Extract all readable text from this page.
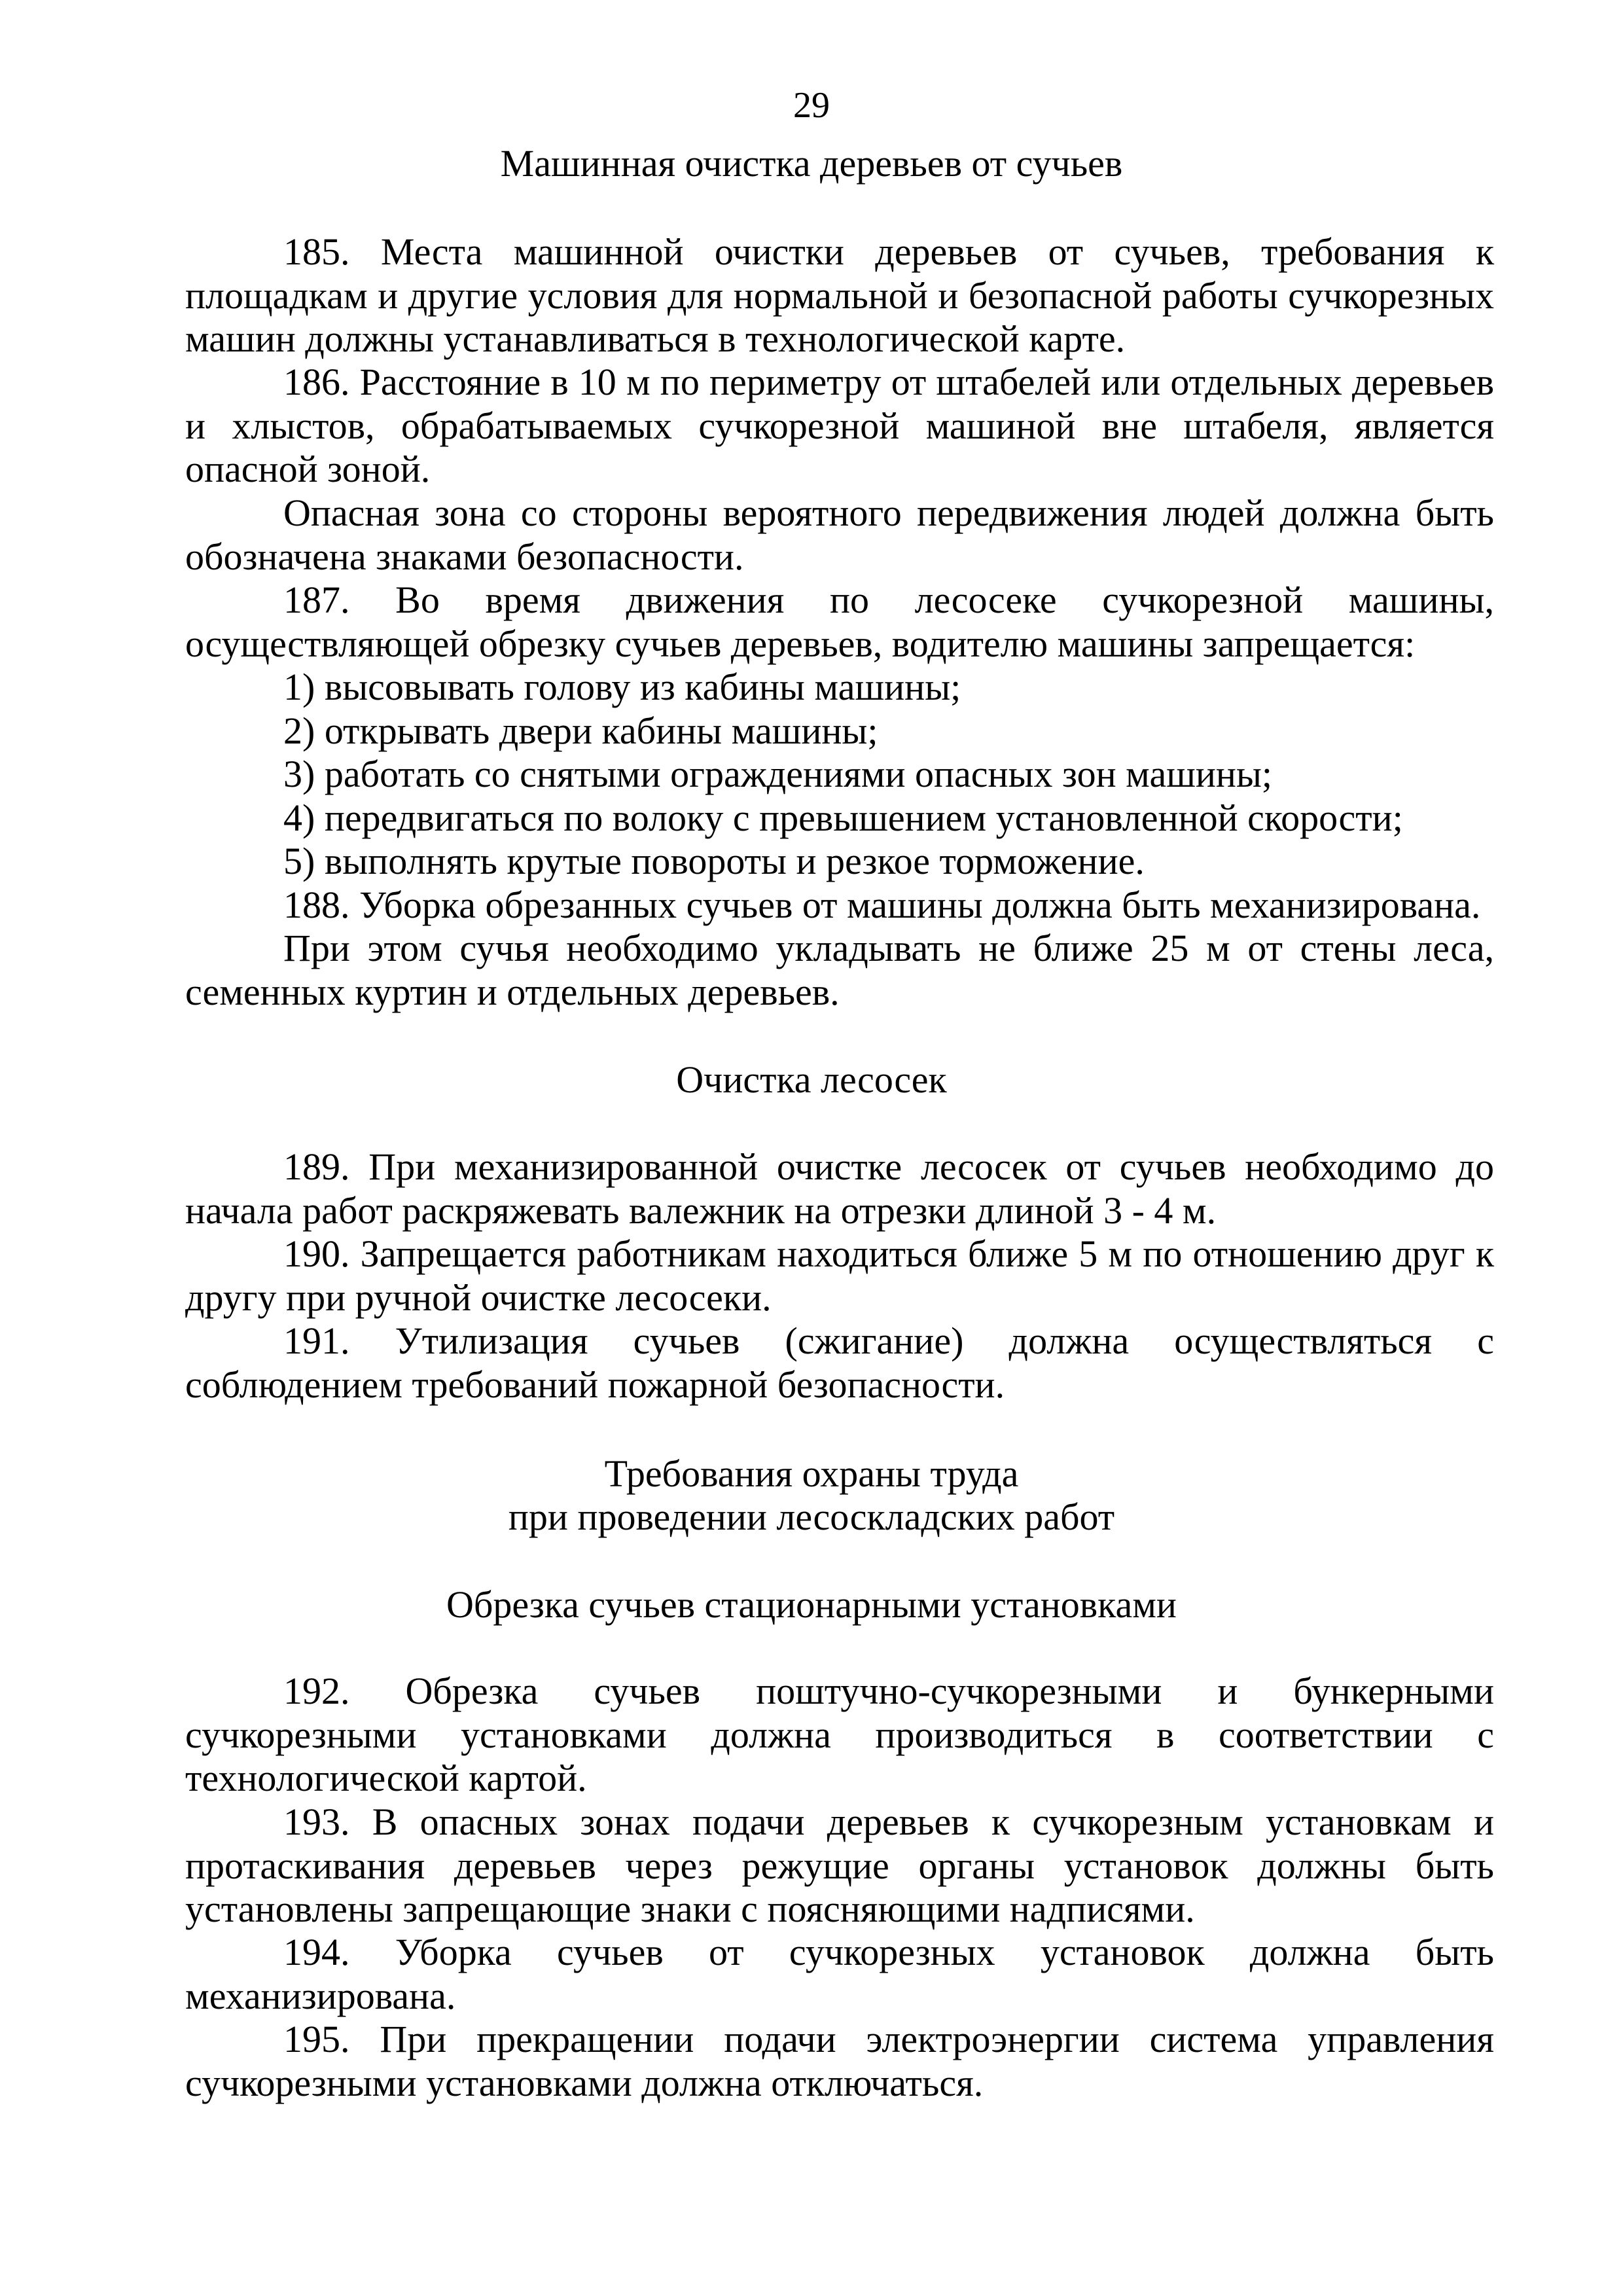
29
Машинная очистка деревьев от сучьев

185. Места машинной очистки деревьев от сучьев, требования к площадкам и другие условия для нормальной и безопасной работы сучкорезных машин должны устанавливаться в технологической карте.

186. Расстояние в 10 м по периметру от штабелей или отдельных деревьев и хлыстов, обрабатываемых сучкорезной машиной вне штабеля, является опасной зоной.

Опасная зона со стороны вероятного передвижения людей должна быть обозначена знаками безопасности.

187. Во время движения по лесосеке сучкорезной машины, осуществляющей обрезку сучьев деревьев, водителю машины запрещается:

1) высовывать голову из кабины машины;

2) открывать двери кабины машины;

3) работать со снятыми ограждениями опасных зон машины;

4) передвигаться по волоку с превышением установленной скорости;

5) выполнять крутые повороты и резкое торможение.

188. Уборка обрезанных сучьев от машины должна быть механизирована.

При этом сучья необходимо укладывать не ближе 25 м от стены леса, семенных куртин и отдельных деревьев.

Очистка лесосек

189. При механизированной очистке лесосек от сучьев необходимо до начала работ раскряжевать валежник на отрезки длиной 3 - 4 м.

190. Запрещается работникам находиться ближе 5 м по отношению друг к другу при ручной очистке лесосеки.

191. Утилизация сучьев (сжигание) должна осуществляться с соблюдением требований пожарной безопасности.

Требования охраны труда
при проведении лесоскладских работ
Обрезка сучьев стационарными установками

192. Обрезка сучьев поштучно-сучкорезными и бункерными сучкорезными установками должна производиться в соответствии с технологической картой.

193. В опасных зонах подачи деревьев к сучкорезным установкам и протаскивания деревьев через режущие органы установок должны быть установлены запрещающие знаки с поясняющими надписями.

194. Уборка сучьев от сучкорезных установок должна быть механизирована.

195. При прекращении подачи электроэнергии система управления сучкорезными установками должна отключаться.
